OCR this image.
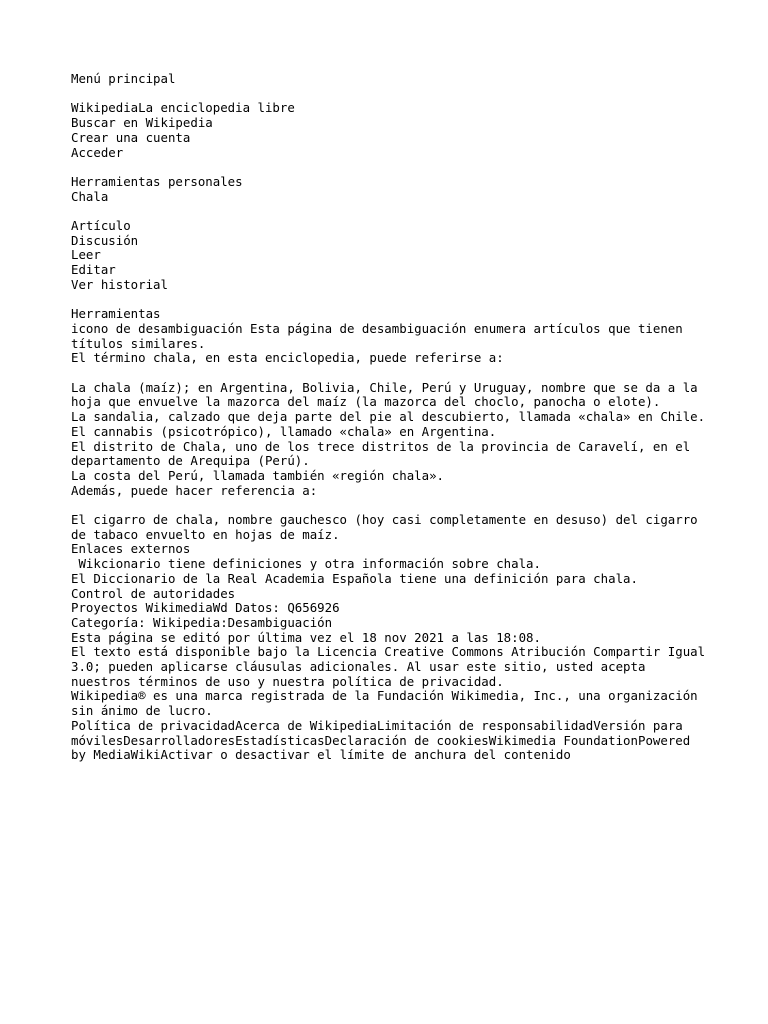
Menú principal
WikipediaLa enciclopedia libre
Buscar en Wikipedia
Crear una cuenta
Acceder
Herramientas personales
Chala
Artículo
Discusión
Leer
Editar
Ver historial
Herramientas
icono de desambiguación Esta página de desambiguación enumera artículos que tienen títulos similares.
El término chala, en esta enciclopedia, puede referirse a:
La chala (maíz); en Argentina, Bolivia, Chile, Perú y Uruguay, nombre que se da a la hoja que envuelve la mazorca del maíz (la mazorca del choclo, panocha o elote).
La sandalia, calzado que deja parte del pie al descubierto, llamada «chala» en Chile.
El cannabis (psicotrópico), llamado «chala» en Argentina.
El distrito de Chala, uno de los trece distritos de la provincia de Caravelí, en el departamento de Arequipa (Perú).
La costa del Perú, llamada también «región chala».
Además, puede hacer referencia a:
El cigarro de chala, nombre gauchesco (hoy casi completamente en desuso) del cigarro de tabaco envuelto en hojas de maíz.
Enlaces externos
Wikcionario tiene definiciones y otra información sobre chala.
El Diccionario de la Real Academia Española tiene una definición para chala.
Control de autoridades
Proyectos WikimediaWd Datos: Q656926
Categoría: Wikipedia:Desambiguación
Esta página se editó por última vez el 18 nov 2021 a las 18:08.
El texto está disponible bajo la Licencia Creative Commons Atribución Compartir Igual 3.0; pueden aplicarse cláusulas adicionales. Al usar este sitio, usted acepta nuestros términos de uso y nuestra política de privacidad.
Wikipedia® es una marca registrada de la Fundación Wikimedia, Inc., una organización sin ánimo de lucro.
Política de privacidadAcerca de WikipediaLimitación de responsabilidadVersión para móvilesDesarrolladoresEstadísticasDeclaración de cookiesWikimedia FoundationPowered by MediaWikiActivar o desactivar el límite de anchura del contenido
